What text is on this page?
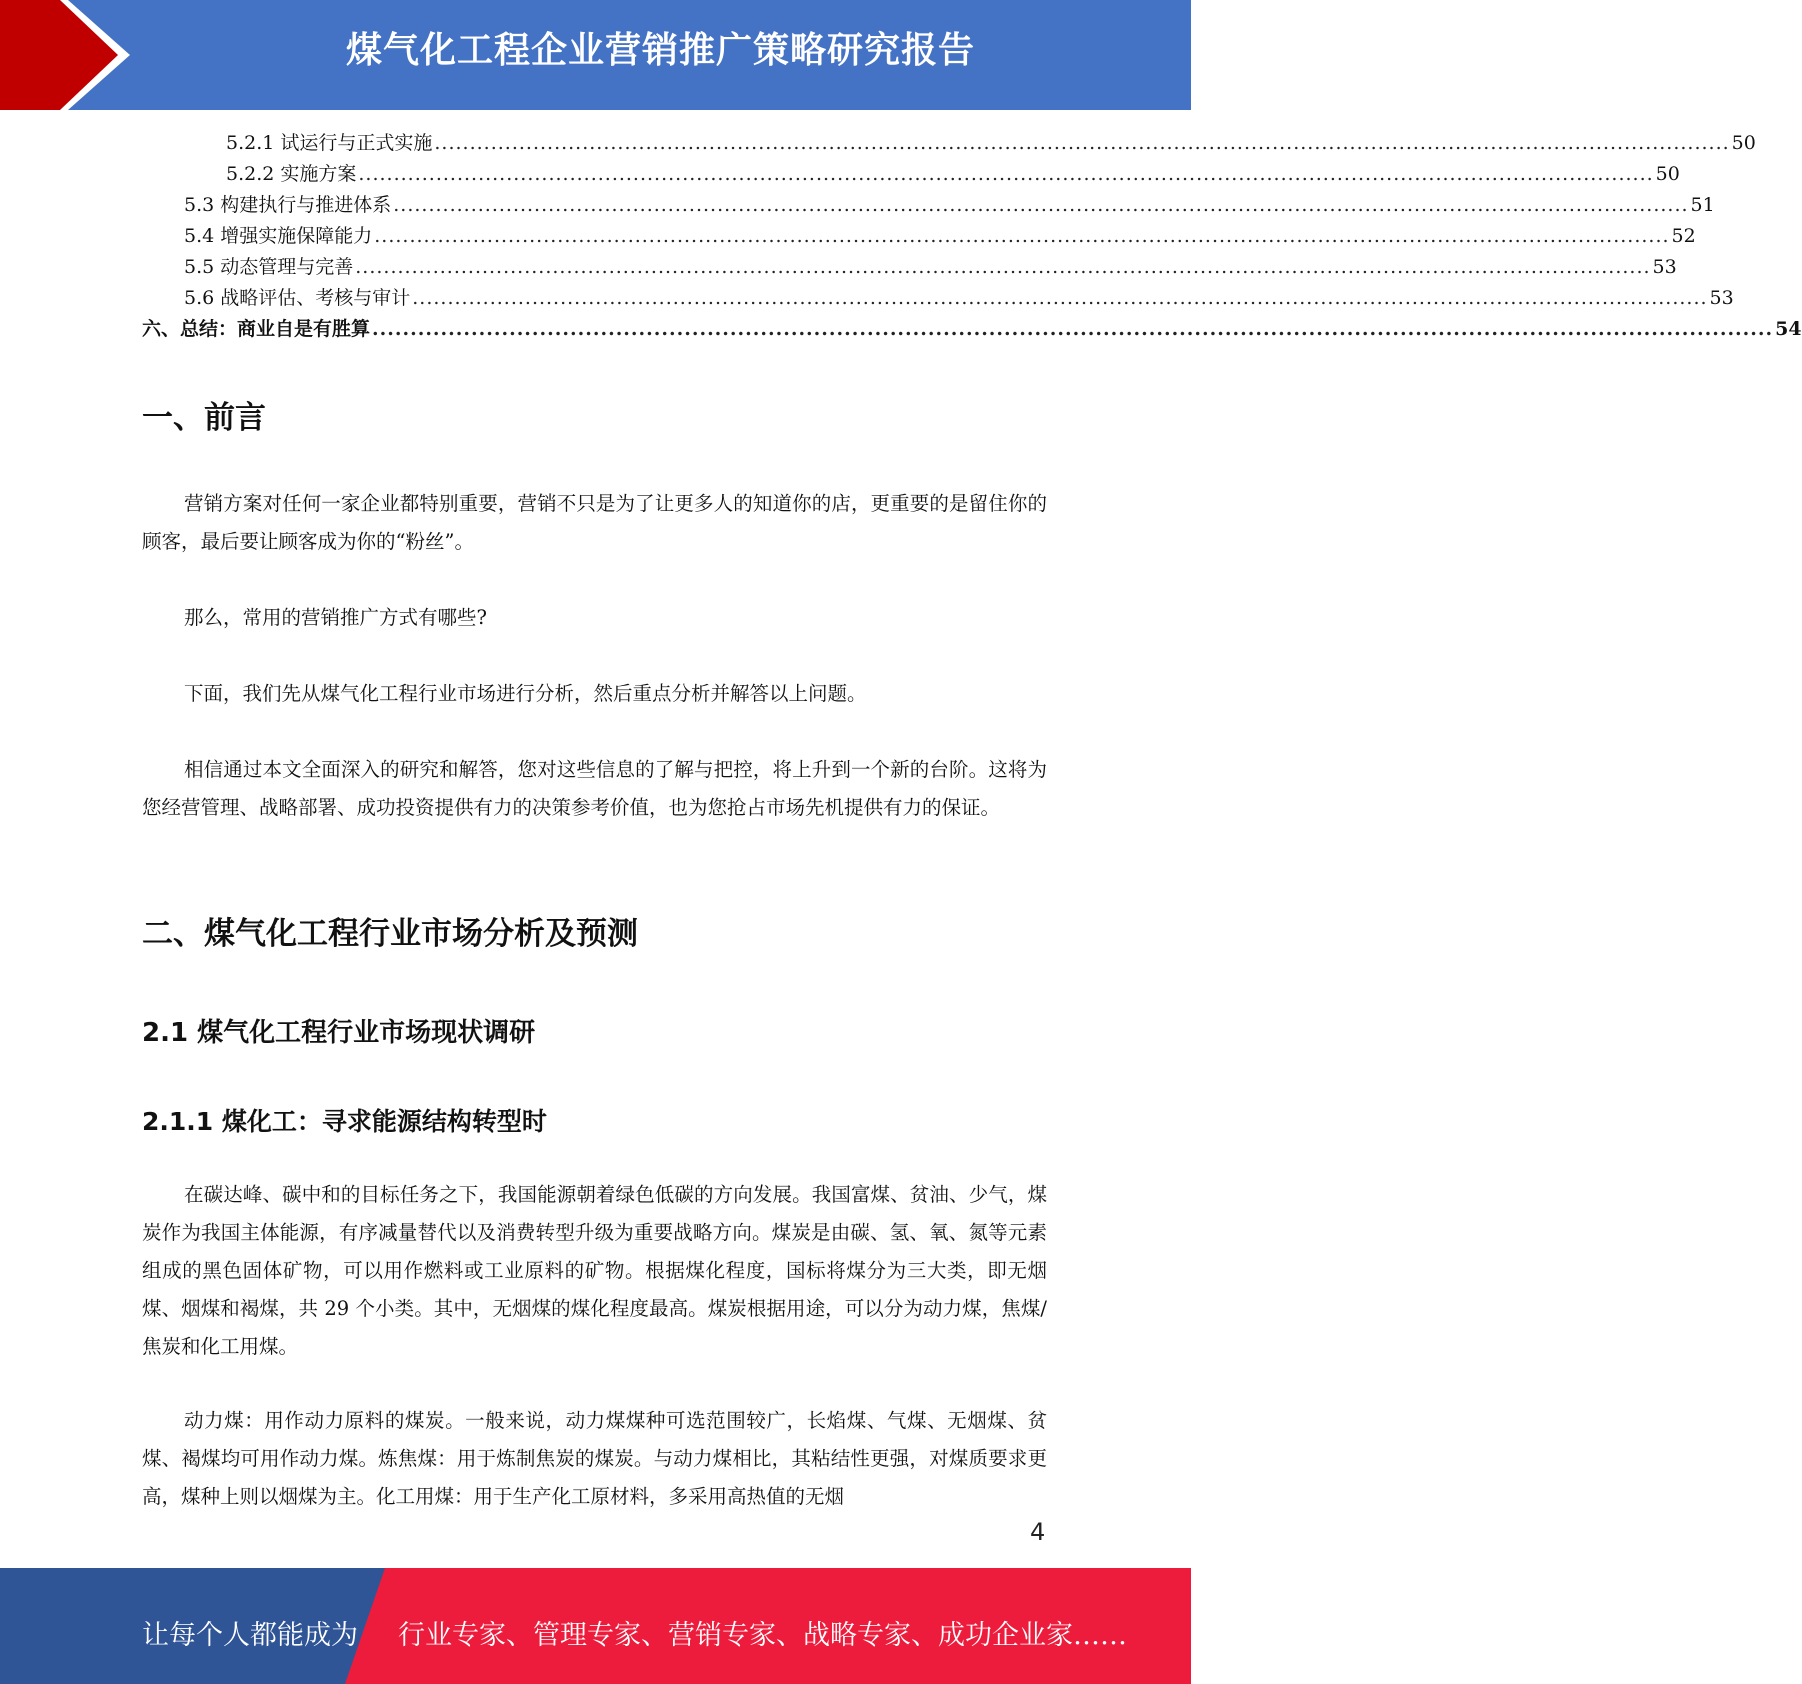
煤气化工程企业营销推广策略研究报告
5.2.1 试运行与正式实施 ........................................................................................................................................................................................ 50
5.2.2 实施方案 ........................................................................................................................................................................................ 50
5.3 构建执行与推进体系 ........................................................................................................................................................................................ 51
5.4 增强实施保障能力 ........................................................................................................................................................................................ 52
5.5 动态管理与完善 ........................................................................................................................................................................................ 53
5.6 战略评估、考核与审计 ........................................................................................................................................................................................ 53
六、总结：商业自是有胜算 ........................................................................................................................................................................................ 54
一、前言

营销方案对任何一家企业都特别重要，营销不只是为了让更多人的知道你的店，更重要的是留住你的顾客，最后要让顾客成为你的“粉丝”。

那么，常用的营销推广方式有哪些?

下面，我们先从煤气化工程行业市场进行分析，然后重点分析并解答以上问题。

相信通过本文全面深入的研究和解答，您对这些信息的了解与把控，将上升到一个新的台阶。这将为您经营管理、战略部署、成功投资提供有力的决策参考价值，也为您抢占市场先机提供有力的保证。

二、煤气化工程行业市场分析及预测
2.1 煤气化工程行业市场现状调研
2.1.1 煤化工：寻求能源结构转型时

在碳达峰、碳中和的目标任务之下，我国能源朝着绿色低碳的方向发展。我国富煤、贫油、少气，煤炭作为我国主体能源，有序减量替代以及消费转型升级为重要战略方向。煤炭是由碳、氢、氧、氮等元素组成的黑色固体矿物，可以用作燃料或工业原料的矿物。根据煤化程度，国标将煤分为三大类，即无烟煤、烟煤和褐煤，共 29 个小类。其中，无烟煤的煤化程度最高。煤炭根据用途，可以分为动力煤，焦煤/焦炭和化工用煤。

动力煤：用作动力原料的煤炭。一般来说，动力煤煤种可选范围较广，长焰煤、气煤、无烟煤、贫煤、褐煤均可用作动力煤。炼焦煤：用于炼制焦炭的煤炭。与动力煤相比，其粘结性更强，对煤质要求更高，煤种上则以烟煤为主。化工用煤：用于生产化工原材料，多采用高热值的无烟

4
让每个人都能成为 行业专家、管理专家、营销专家、战略专家、成功企业家……
